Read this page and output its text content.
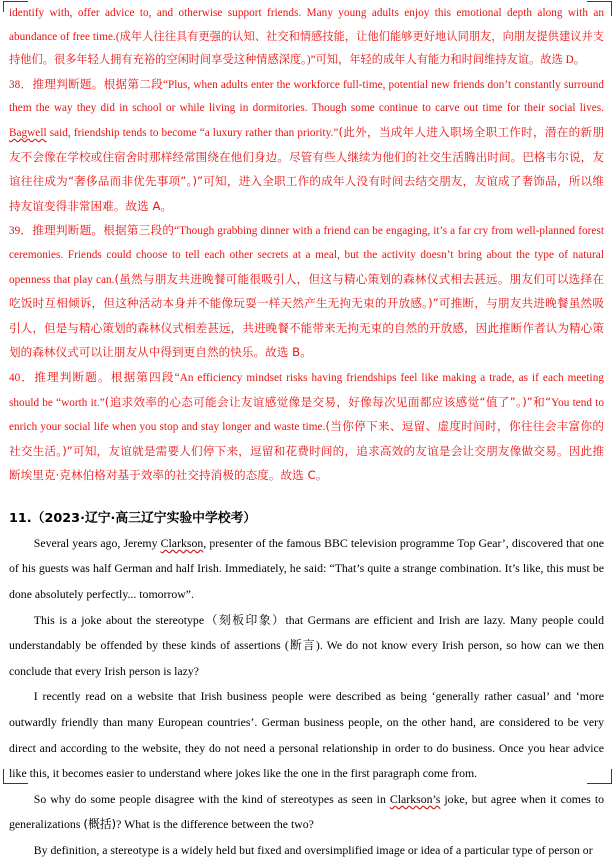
identify with, offer advice to, and otherwise support friends. Many young adults enjoy this emotional depth along with an abundance of free time.(成年人往往具有更强的认知、社交和情感技能，让他们能够更好地认同朋友，向朋友提供建议并支持他们。很多年轻人拥有充裕的空闲时间享受这种情感深度。)”可知，年轻的成年人有能力和时间维持友谊。故选 D。

38．推理判断题。根据第二段“Plus, when adults enter the workforce full-time, potential new friends don’t constantly surround them the way they did in school or while living in dormitories. Though some continue to carve out time for their social lives. Bagwell said, friendship tends to become “a luxury rather than priority.”(此外，当成年人进入职场全职工作时，潜在的新朋友不会像在学校或住宿舍时那样经常围绕在他们身边。尽管有些人继续为他们的社交生活腾出时间。巴格韦尔说，友谊往往成为“奢侈品而非优先事项”。)”可知，进入全职工作的成年人没有时间去结交朋友，友谊成了奢饰品，所以维持友谊变得非常困难。故选 A。

39．推理判断题。根据第三段的“Though grabbing dinner with a friend can be engaging, it’s a far cry from well-planned forest ceremonies. Friends could choose to tell each other secrets at a meal, but the activity doesn’t bring about the type of natural openness that play can.(虽然与朋友共进晚餐可能很吸引人，但这与精心策划的森林仪式相去甚远。朋友们可以选择在吃饭时互相倾诉，但这种活动本身并不能像玩耍一样天然产生无拘无束的开放感。)”可推断，与朋友共进晚餐虽然吸引人，但是与精心策划的森林仪式相差甚远，共进晚餐不能带来无拘无束的自然的开放感，因此推断作者认为精心策划的森林仪式可以让朋友从中得到更自然的快乐。故选 B。

40．推理判断题。根据第四段“An efficiency mindset risks having friendships feel like making a trade, as if each meeting should be “worth it.”(追求效率的心态可能会让友谊感觉像是交易，好像每次见面都应该感觉“值了”。)”和“You tend to enrich your social life when you stop and stay longer and waste time.(当你停下来、逗留、虚度时间时，你往往会丰富你的社交生活。)”可知，友谊就是需要人们停下来，逗留和花费时间的，追求高效的友谊是会让交朋友像做交易。因此推断埃里克·克林伯格对基于效率的社交持消极的态度。故选 C。

11.（2023·辽宁·高三辽宁实验中学校考）

Several years ago, Jeremy Clarkson, presenter of the famous BBC television programme Top Gear’, discovered that one of his guests was half German and half Irish. Immediately, he said: “That’s quite a strange combination. It’s like, this must be done absolutely perfectly... tomorrow”.

This is a joke about the stereotype（刻板印象）that Germans are efficient and Irish are lazy. Many people could understandably be offended by these kinds of assertions (断言). We do not know every Irish person, so how can we then conclude that every Irish person is lazy?

I recently read on a website that Irish business people were described as being ‘generally rather casual’ and ‘more outwardly friendly than many European countries’. German business people, on the other hand, are considered to be very direct and according to the website, they do not need a personal relationship in order to do business. Once you hear advice like this, it becomes easier to understand where jokes like the one in the first paragraph come from.

So why do some people disagree with the kind of stereotypes as seen in Clarkson’s joke, but agree when it comes to generalizations (概括)? What is the difference between the two?

By definition, a stereotype is a widely held but fixed and oversimplified image or idea of a particular type of person or
